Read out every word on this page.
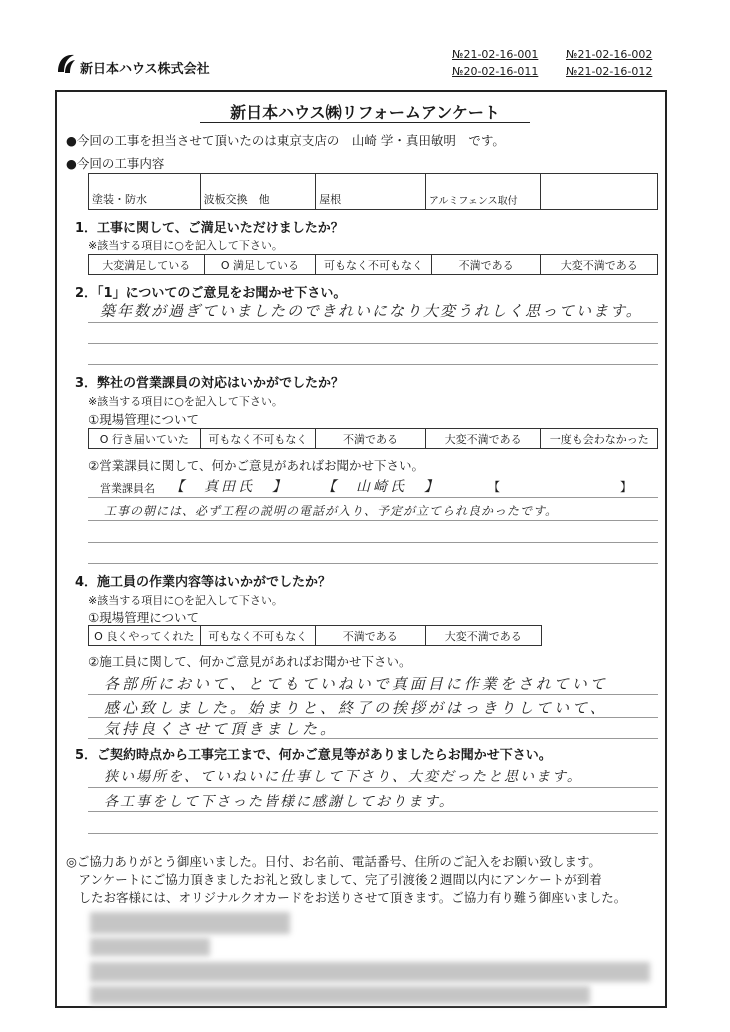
新日本ハウス株式会社
№21-02-16-001	№21-02-16-002
№20-02-16-011	№21-02-16-012
新日本ハウス㈱リフォームアンケート
●今回の工事を担当させて頂いたのは東京支店の　山崎 学・真田敏明　です。
●今回の工事内容
塗装・防水	波板交換　他	屋根	アルミフェンス取付
1．工事に関して、ご満足いただけましたか？
※該当する項目に○を記入して下さい。
大変満足している	O 満足している	可もなく不可もなく	不満である	大変不満である
2．「1」についてのご意見をお聞かせ下さい。
築年数が過ぎていましたのできれいになり大変うれしく思っています。
3．弊社の営業課員の対応はいかがでしたか？
※該当する項目に○を記入して下さい。
①現場管理について
O 行き届いていた	可もなく不可もなく	不満である	大変不満である	一度も会わなかった
②営業課員に関して、何かご意見があればお聞かせ下さい。
営業課員名 【　真田氏　】 【　山崎氏　】	【　　　　　　　　　　】
工事の朝には、必ず工程の説明の電話が入り、予定が立てられ良かったです。
4．施工員の作業内容等はいかがでしたか？
※該当する項目に○を記入して下さい。
①現場管理について
O 良くやってくれた	可もなく不可もなく	不満である	大変不満である
②施工員に関して、何かご意見があればお聞かせ下さい。
各部所において、とてもていねいで真面目に作業をされていて
感心致しました。始まりと、終了の挨拶がはっきりしていて、
気持良くさせて頂きました。
5．ご契約時点から工事完工まで、何かご意見等がありましたらお聞かせ下さい。
狭い場所を、ていねいに仕事して下さり、大変だったと思います。
各工事をして下さった皆様に感謝しております。
◎ご協力ありがとう御座いました。日付、お名前、電話番号、住所のご記入をお願い致します。
　アンケートにご協力頂きましたお礼と致しまして、完了引渡後２週間以内にアンケートが到着
　したお客様には、オリジナルクオカードをお送りさせて頂きます。ご協力有り難う御座いました。
